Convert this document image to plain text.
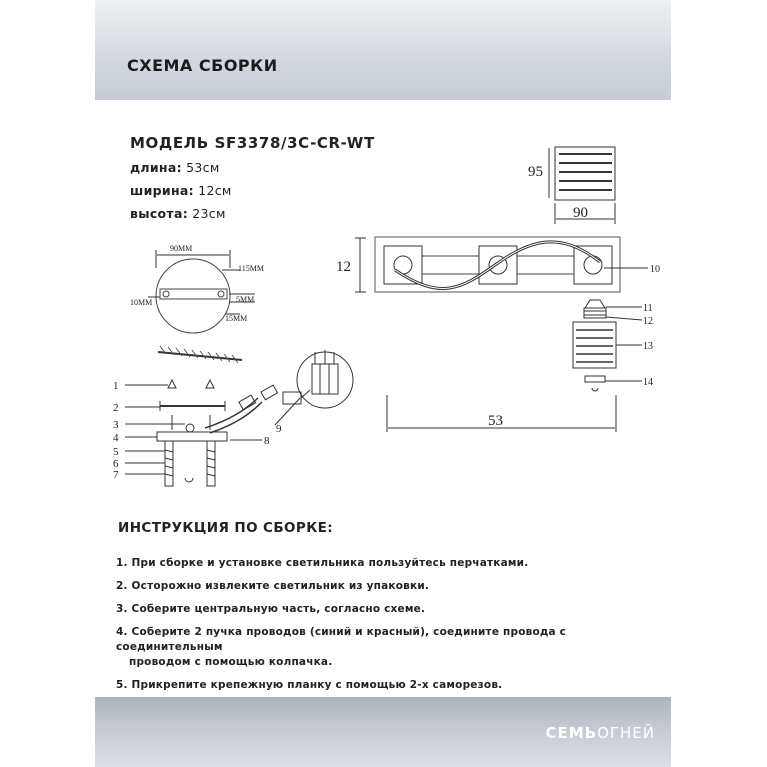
СХЕМА СБОРКИ
МОДЕЛЬ SF3378/3C-CR-WT
длина: 53см
ширина: 12см
высота: 23см
95
90
12	10
53
11
12
13
14
90MM
115MM
10MM	5MM
15MM
1
2
3
4
5
6
7
8
9
ИНСТРУКЦИЯ ПО СБОРКЕ:
1. При сборке и установке светильника пользуйтесь перчатками.
2. Осторожно извлеките светильник из упаковки.
3. Соберите центральную часть, согласно схеме.
4. Соберите 2 пучка проводов (синий и красный), соедините провода с соединительным
проводом с помощью колпачка.
5. Прикрепите крепежную планку с помощью 2-х саморезов.
СЕМЬОГНЕЙ
